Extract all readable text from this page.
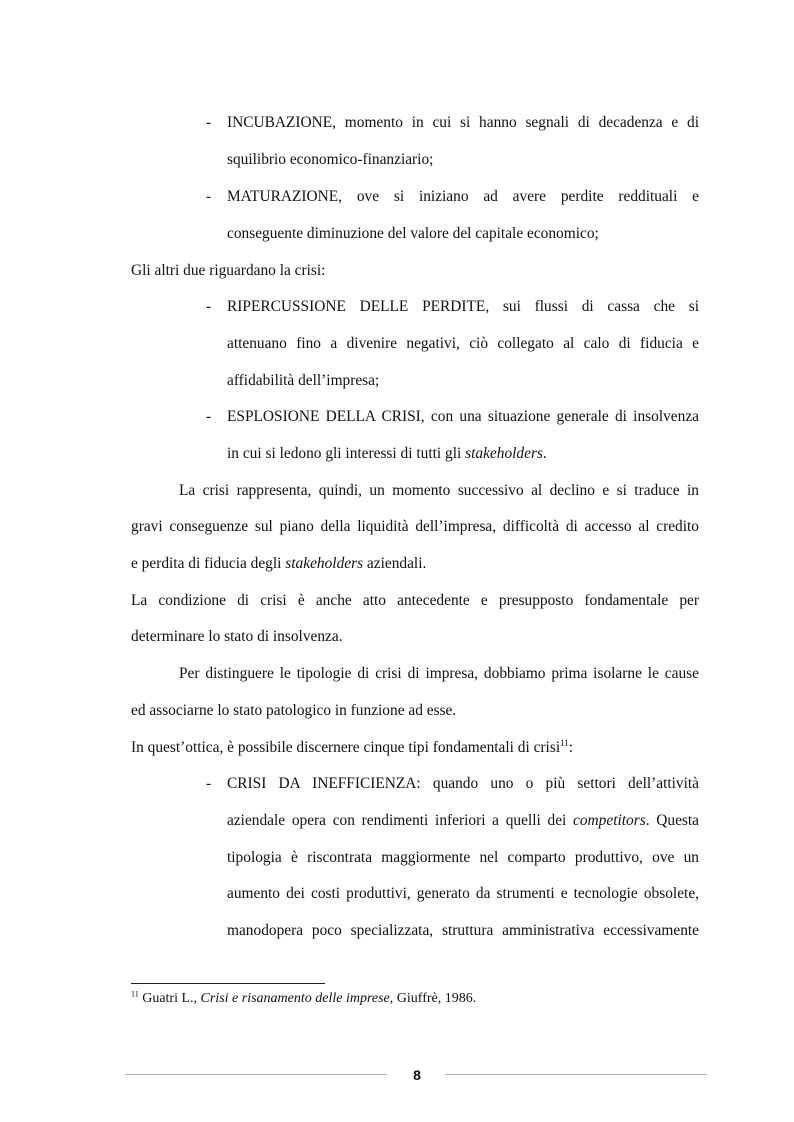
- INCUBAZIONE, momento in cui si hanno segnali di decadenza e di
squilibrio economico-finanziario;
- MATURAZIONE, ove si iniziano ad avere perdite reddituali e
conseguente diminuzione del valore del capitale economico;
Gli altri due riguardano la crisi:
- RIPERCUSSIONE DELLE PERDITE, sui flussi di cassa che si
attenuano fino a divenire negativi, ciò collegato al calo di fiducia e
affidabilità dell’impresa;
- ESPLOSIONE DELLA CRISI, con una situazione generale di insolvenza
in cui si ledono gli interessi di tutti gli stakeholders.
La crisi rappresenta, quindi, un momento successivo al declino e si traduce in
gravi conseguenze sul piano della liquidità dell’impresa, difficoltà di accesso al credito
e perdita di fiducia degli stakeholders aziendali.
La condizione di crisi è anche atto antecedente e presupposto fondamentale per
determinare lo stato di insolvenza.
Per distinguere le tipologie di crisi di impresa, dobbiamo prima isolarne le cause
ed associarne lo stato patologico in funzione ad esse.
In quest’ottica, è possibile discernere cinque tipi fondamentali di crisi$^{11}$:
- CRISI DA INEFFICIENZA: quando uno o più settori dell’attività
aziendale opera con rendimenti inferiori a quelli dei competitors. Questa
tipologia è riscontrata maggiormente nel comparto produttivo, ove un
aumento dei costi produttivi, generato da strumenti e tecnologie obsolete,
manodopera poco specializzata, struttura amministrativa eccessivamente
$^{11}$ Guatri L., Crisi e risanamento delle imprese, Giuffrè, 1986.
8
